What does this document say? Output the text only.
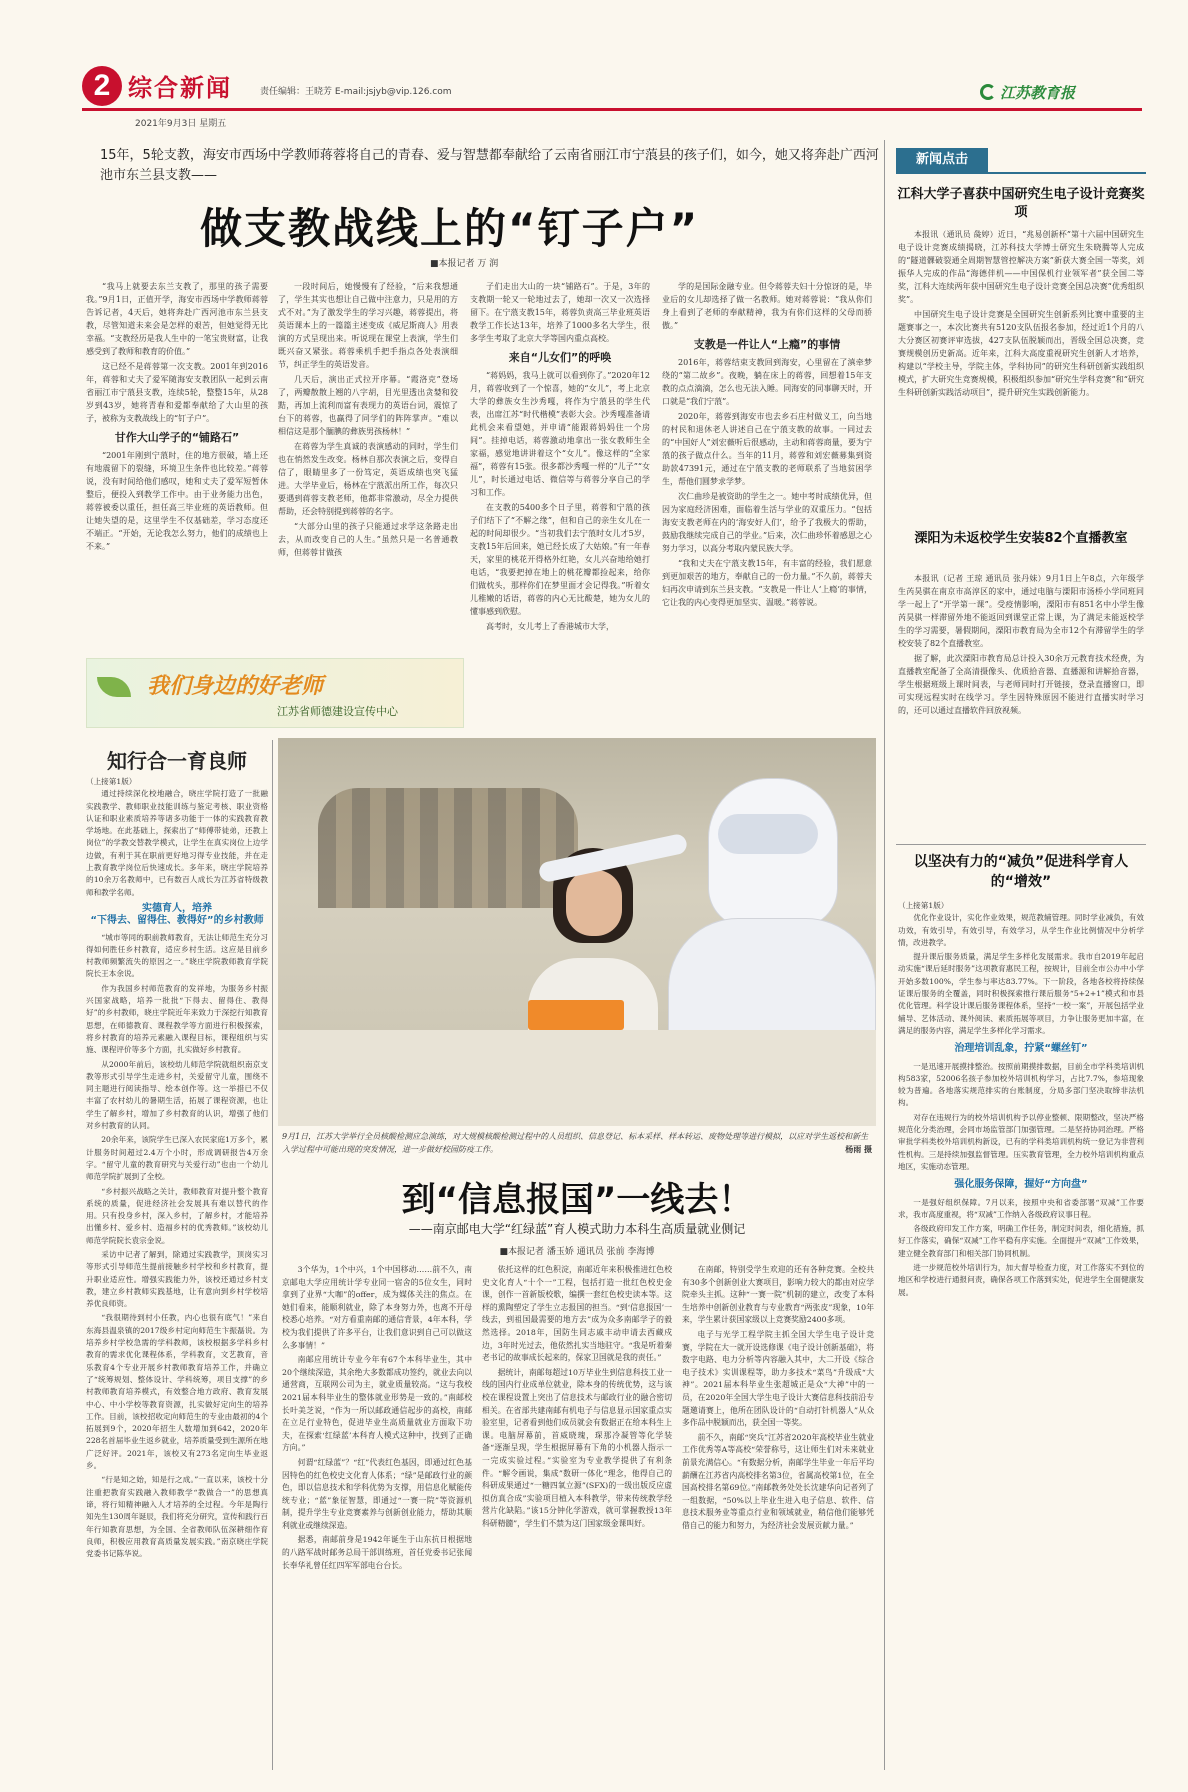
2 综合新闻	责任编辑：王晓芳 E-mail:jsjyb@vip.126.com
2021年9月3日 星期五
江苏教育报
15年，5轮支教，海安市西场中学教师蒋蓉将自己的青春、爱与智慧都奉献给了云南省丽江市宁蒗县的孩子们，如今，她又将奔赴广西河池市东兰县支教——
做支教战线上的“钉子户”
■本报记者 万 润

“我马上就要去东兰支教了，那里的孩子需要我。”9月1日，正值开学，海安市西场中学教师蒋蓉告诉记者，4天后，她将奔赴广西河池市东兰县支教，尽管知道未来会是怎样的艰苦，但她觉得无比幸福。“支教经历是我人生中的一笔宝贵财富，让我感受到了教师和教育的价值。”

这已经不是蒋蓉第一次支教。2001年到2016年，蒋蓉和丈夫了爱军随海安支教团队一起到云南省丽江市宁蒗县支教，连续5轮，整整15年，从28岁到43岁，她将青春和爱都奉献给了大山里的孩子，被称为支教战线上的“钉子户”。

甘作大山学子的“铺路石”

“2001年刚到宁蒗时，住的地方很破，墙上还有地震留下的裂缝，环境卫生条件也比较差。”蒋蓉说，没有时间给他们感叹，她和丈夫了爱军短暂休整后，便投入到教学工作中。由于业务能力出色，蒋蓉被委以重任，担任高三毕业班的英语教师。但让她失望的是，这里学生不仅基础差，学习态度还不端正。“开始，无论我怎么努力，他们的成绩也上不来。”

一段时间后，她慢慢有了经验，“后来我想通了，学生其实也想让自己做中注意力，只是用的方式不对。”为了激发学生的学习兴趣，蒋蓉提出，将英语课本上的一篇篇主述变成《威尼斯商人》用表演的方式呈现出来。听说现在课堂上表演，学生们既兴奋又紧张。蒋蓉乘机手把手指点各处表演细节，纠正学生的英语发音。

几天后，演出正式拉开序幕。“霞洛克”登场了，两瓣散散上翘的八字胡，目光里透出贪婪和狡黠，再加上流利而富有表现力的英语台词，震惊了台下的蒋蓉，也赢得了同学们的阵阵掌声。“难以相信这是那个腼腆的彝族男孩杨林！”

在蒋蓉为学生真诚的表演感动的同时，学生们也在悄然发生改变。杨林自那次表演之后，变得自信了，眼睛里多了一份笃定，英语成绩也突飞猛进。大学毕业后，杨林在宁蒗派出所工作，每次只要遇到蒋蓉支教老师，他都非常激动，尽全力提供帮助，还会特别提到蒋蓉的名字。

“大部分山里的孩子只能通过求学这条路走出去，从而改变自己的人生。”虽然只是一名普通教师，但蒋蓉甘做孩

子们走出大山的一块“铺路石”。于是，3年的支教期一轮又一轮地过去了，她却一次又一次选择留下。在宁蒗支教15年，蒋蓉负责高三毕业班英语教学工作长达13年，培养了1000多名大学生，很多学生考取了北京大学等国内重点高校。

来自“儿女们”的呼唤

“蒋妈妈，我马上就可以看到你了。”2020年12月，蒋蓉收到了一个惊喜，她的“女儿”，考上北京大学的彝族女生沙秀嘎，将作为宁蒗县的学生代表，出席江苏“时代楷模”表彰大会。沙秀嘎准备请此机会来看望她，并申请“能跟蒋妈妈住一个房间”。挂掉电话，蒋蓉激动地拿出一张女教师生全家福，感觉地讲讲着这个“女儿”。像这样的“全家福”，蒋蓉有15张。很多都沙秀嘎一样的“儿子”“女儿”，时长通过电话、微信等与蒋蓉分享自己的学习和工作。

在支教的5400多个日子里，蒋蓉和宁蒗的孩子们结下了“不解之缘”，但和自己的亲生女儿在一起的时间却很少。“当初我们去宁蒗时女儿才5岁，支教15年后回来，她已经长成了大姑娘。”有一年春天，家里的桃花开得格外红艳，女儿兴奋地给她打电话，“我要把掉在地上的桃花瓣都捡起来，给你们做枕头，那样你们在梦里面才会记得我。”听着女儿稚嫩的话语，蒋蓉的内心无比酸楚，她为女儿的懂事感到欣慰。

高考时，女儿考上了香港城市大学，

学的是国际金融专业。但令蒋蓉夫妇十分惊讶的是，毕业后的女儿却选择了做一名教师。她对蒋蓉说：“我从你们身上看到了老师的奉献精神，我为有你们这样的父母而骄傲。”

支教是一件让人“上瘾”的事情

2016年，蒋蓉结束支教回到海安，心里留在了滇牵梦绕的“第二故乡”。夜晚，躺在床上的蒋蓉，回想着15年支教的点点滴滴，怎么也无法入睡。同海安的同事聊天时，开口就是“我们宁蒗”。

2020年，蒋蓉到海安市也去乡石庄村做义工，向当地的村民和退休老人讲述自己在宁蒗支教的故事。一同过去的“中国好人”刘宏薇听后很感动，主动和蒋蓉商量，要为宁蒗的孩子做点什么。当年的11月，蒋蓉和刘宏薇募集到资助款47391元，通过在宁蒗支教的老师联系了当地贫困学生，帮他们圆梦求学梦。

次仁曲珍是被资助的学生之一。她中考时成绩优异，但因为家庭经济困难，面临着生活与学业的双重压力。“包括海安支教老师在内的‘海安好人们’，给予了我极大的帮助，鼓励我继续完成自己的学业。”后来，次仁曲珍怀着感恩之心努力学习，以高分考取内蒙民族大学。

“我和丈夫在宁蒗支教15年，有丰富的经验，我们愿意到更加艰苦的地方，奉献自己的一份力量。”不久前，蒋蓉夫妇再次申请到东兰县支教。“支教是一件让人‘上瘾’的事情，它让我的内心变得更加坚实、温暖。”蒋蓉说。

我们身边的好老师
江苏省师德建设宣传中心
知行合一育良师
（上接第1版）

通过持续深化校地融合，晓庄学院打造了一批融实践教学、教师职业技能训练与鉴定考核、职业资格认证和职业素质培养等诸多功能于一体的实践教育教学场地。在此基础上，探索出了“师傅带徒弟，还教上岗位”的学教交替教学模式，让学生在真实岗位上边学边做，有利于其在职前更好地习得专业技能，并在走上教育教学岗位后快速成长。多年来，晓庄学院培养的10余万名教师中，已有数百人成长为江苏省特级教师和教学名师。

实德育人，培养
“下得去、留得住、教得好”的乡村教师

“城市等同的职前教师教育，无法让师范生充分习得如何胜任乡村教育，适应乡村生活。这应是目前乡村教师频繁流失的原因之一。”晓庄学院教师教育学院院长王本余说。

作为我国乡村师范教育的发祥地，为服务乡村振兴国家战略，培养一批批“下得去、留得住、教得好”的乡村教师，晓庄学院近年来致力于深挖行知教育思想，在师德教育、课程教学等方面进行积极探索，将乡村教育的培养元素融入课程目标，课程组织与实施、课程评价等多个方面，扎实做好乡村教育。

从2000年前后，该校幼儿师范学院就组织南京支教等形式引导学生走进乡村，关爱留守儿童，围绕不同主题进行阅读指导、绘本创作等。这一举措已不仅丰富了农村幼儿的暑期生活，拓展了课程资源，也让学生了解乡村，增加了乡村教育的认识，增强了他们对乡村教育的认同。

20余年来，该院学生已深入农民家庭1万多个，累计服务时间超过2.4万个小时，形成调研报告4万余字。“留守儿童的教育研究与关爱行动”也由一个幼儿师范学院扩展到了全校。

“乡村振兴战略之关计，教师教育对提升整个教育系统的质量，促进经济社会发展具有难以替代的作用。只有投身乡村，深入乡村，了解乡村，才能培养出懂乡村、爱乡村、造福乡村的优秀教师。”该校幼儿师范学院院长袁宗金说。

采访中记者了解到，除通过实践教学，顶岗实习等形式引导师范生提前接触乡村学校和乡村教育，提升职业适应性。增强实践能力外，该校还通过乡村支教，建立乡村教师实践基地，让有意向到乡村学校培养优良师资。

“我很期待到村小任教，内心也很有底气！”来自东海县温泉镇的2017级乡村定向师范生卞振磊说。为培养乡村学校急需的学科教师，该校根据多学科乡村教育的需求优化课程体系，学科教育，文艺教育，音乐教育4个专业开展乡村教师教育培养工作，并确立了“统筹规划、整体设计、学科统筹，项目支撑”的乡村教师教育培养模式，有效整合地方政府、教育发展中心、中小学校等教育资源，扎实做好定向生的培养工作。目前，该校招收定向师范生的专业由最初的4个拓展到9个，2020年招生人数增加到642，2020年228名首届毕业生返乡就业，培养质量受到生源所在地广泛好评。2021年，该校又有273名定向生毕业返乡。

“行是知之始，知是行之成。”一直以来，该校十分注重把教育实践融入教师教学“教做合一”的思想真谛，将行知精神融入人才培养的全过程。今年是陶行知先生130周年诞辰，我们将充分研究，宣传和践行百年行知教育思想，为全国、全省教师队伍深耕细作育良师，积极应用教育高质量发展实践。”南京晓庄学院党委书记陈华说。

9月1日，江苏大学举行全员核酸检测应急演练，对大规模核酸检测过程中的人员组织、信息登记、标本采样、样本转运、废物处理等进行模拟，以应对学生返校和新生入学过程中可能出现的突发情况，进一步做好校园防疫工作。	杨雨 摄
到“信息报国”一线去！
——南京邮电大学“红绿蓝”育人模式助力本科生高质量就业侧记
■本报记者 潘玉娇 通讯员 张前 李海博

3个华为，1个中兴，1个中国移动……前不久，南京邮电大学应用统计学专业同一宿舍的5位女生，同时拿到了业界“大咖”的offer，成为媒体关注的焦点。在她们看来，能顺利就业，除了本身努力外，也离不开母校悉心培养。“对方看重南邮的通信背景，4年本科，学校为我们提供了许多平台，让我们意识到自己可以做这么多事情！”

南邮应用统计专业今年有67个本科毕业生，其中20个继续深造，其余绝大多数都成功签约，就业去向以通营商，互联网公司为主，就业质量较高。“这与我校2021届本科毕业生的整体就业形势是一致的。”南邮校长叶美芝说，“作为一所以邮政通信起步的高校，南邮在立足行业特色，促进毕业生高质量就业方面取下功夫，在探索‘红绿蓝’本科育人模式这种中，找到了正确方向。”

何谓“红绿蓝”？“红”代表红色基因，即通过红色基因特色的红色校史文化育人体系；“绿”是邮政行业的颜色，即以信息技术和学科优势为支撑，用信息化赋能传统专业；“蓝”象征智慧，即通过“一赛一院”等资源机制，提升学生专业竞赛素养与创新创业能力，帮助其顺利就业或继续深造。

据悉，南邮前身是1942年诞生于山东抗日根据地的八路军战时邮务总局干部训练班，首任党委书记张闻长奉华礼曾任红四军军部电台台长。

依托这样的红色积淀，南邮近年来积极推进红色校史文化育人“十个一”工程，包括打造一批红色校史金课，创作一首新版校歌，编撰一套红色校史读本等。这样的熏陶塑定了学生立志报国的担当。“到‘信息报国’一线去，到祖国最需要的地方去”成为众多南邮学子的毅然选择。2018年，国防生同志戚丰动申请去西藏戍边，3年时光过去，他依然扎实当地驻守。“我是听着秦老书记的故事成长起来的，保家卫国就是我的责任。”

据统计，南邮每超过10万毕业生到信息科技工业一线的国内行业成单位就业，除本身的传统优势，这与该校在课程设置上突出了信息技术与邮政行业的融合密切相关。在省部共建南邮有机电子与信息显示国家重点实验室里，记者看到他们成员就会有数据正在给本科生上课。电脑屏幕前，首威晓瑰，琛那冷凝管等化学装备“逐渐呈现，学生根据屏幕有下角的小机器人指示一一完成实验过程。”实验室为专业教学提供了有利条件。“解令画说，集成”数研一体化“理念，他得自己的科研成果通过“一糖四氧立源”(SFX)的一级出版反应虚拟仿真合成”实验项目植入本科教学，带来传统教学经营片化缺陷。”该15分钟化学游戏，就可掌握教授13年科研精髓”，学生们不禁为这门国家级金课叫好。

在南邮，特别受学生欢迎的还有各种竞赛。全校共有30多个创新创业大赛项目，影响力较大的都由对应学院牵头主抓。这种“一赛一院”机制的建立，改变了本科生培养中创新创业教育与专业教育“两张皮”现象，10年来，学生累计获国家级以上竞赛奖励2400多项。

电子与光学工程学院主抓全国大学生电子设计竞赛，学院在大一就开设选修课《电子设计创新基础》，将数字电路、电力分析等内容融入其中，大二开设《综合电子技术》实训课程等，助力多技术“菜鸟”升级成“大神”。2021届本科毕业生张超城正是众“大神”中的一员，在2020年全国大学生电子设计大赛信息科技前沿专题邀请赛上，他所在团队设计的“自动打针机器人”从众多作品中脱颖而出，获全国一等奖。

前不久，南邮“突兵”江苏省2020年高校毕业生就业工作优秀等A等高校“荣誉称号，这让师生们对未来就业前景充满信心。“有数据分析，南邮学生毕业一年后平均薪酬在江苏省内高校排名第3位，省属高校第1位，在全国高校排名第69位。”南邮教务处处长沈建华向记者列了一组数据，“50%以上毕业生进入电子信息、软件、信息技术服务业等重点行业和领域就业，稍信他们能够凭借自己的能力和努力，为经济社会发展贡献力量。”

新闻点击
江科大学子喜获中国研究生电子设计竞赛奖项

本报讯（通讯员 彘婷）近日，“兆易创新杯”第十六届中国研究生电子设计竞赛成绩揭晓，江苏科技大学博士研究生朱晓腾等人完成的“隧道髁破裂通全周期智慧管控解决方案”新获大赛全国一等奖，刘振华人完成的作品“海德伴机——中国保机行业领军者”获全国二等奖，江科大连续两年获中国研究生电子设计竞赛全国总决赛“优秀组织奖”。

中国研究生电子设计竞赛是全国研究生创新系列比赛中重要的主题赛事之一，本次比赛共有5120支队伍报名参加，经过近1个月的八大分赛区初赛评审选拔，427支队伍脱颖而出，晋级全国总决赛，竞赛规模创历史新高。近年来，江科大高度重视研究生创新人才培养，构建以“学校主导，学院主体，学科协同”的研究生科研创新实践组织模式，扩大研究生竞赛规模，积极组织参加“研究生学科竞赛”和“研究生科研创新实践活动项目”，提升研究生实践创新能力。

溧阳为未返校学生安装82个直播教室

本报讯（记者 王琼 通讯员 张丹妹）9月1日上午8点，六年级学生芮昊骐在南京市高淳区的家中，通过电脑与溧阳市汤桥小学同班同学一起上了“开学第一课”。受疫情影响，溧阳市有851名中小学生像芮昊骐一样滞留外地不能返回到课堂正常上课，为了满足未能返校学生的学习需要，暑假期间，溧阳市教育局为全市12个有滞留学生的学校安装了82个直播教室。

据了解，此次溧阳市教育局总计投入30余万元教育技术经费，为直播教室配备了全高清摄像头、优质拾音器、直播源和讲解拾音器，学生根据班级上课时间表，与老师同时打开链接，登录直播窗口，即可实现远程实时在线学习。学生因特殊原因不能进行直播实时学习的，还可以通过直播软件回放视频。

以坚决有力的“减负”促进科学育人的“增效”
（上接第1版）

优化作业设计，实化作业效果，规范教辅管理。同时学业减负，有效功效，有效引导，有效引导，有效学习，从学生作业比例情况中分析学情，改进教学。

提升课后服务质量，满足学生多样化发展需求。我市自2019年起启动实施“课后延时服务”这项教育惠民工程，按规计，目前全市公办中小学开始多数100%，学生参与率达83.77%。下一阶段，各地各校将持续保证课后服务的全覆盖，同时积极探索推行课后服务“5+2+1”模式和市县优化管理。科学设计课后服务课程体系，坚持“一校一案”，开展包括学业辅导、艺体活动、课外阅读、素质拓展等项目，力争让服务更加丰富，在满足的服务内容，满足学生多样化学习需求。

治理培训乱象，拧紧“螺丝钉”

一是迅速开展摸排整治。按照前期摸排数据，目前全市学科类培训机构583家，52006名孩子参加校外培训机构学习，占比7.7%，参培现象较为普遍。各地落实规范排实的台账制度，分局多部门坚决取缔非法机构。

对存在违规行为的校外培训机构予以停业整顿、限期整改，坚决严格规范化分类治理，会同市场监管部门加强管理。二是坚持协同治理。严格审批学科类校外培训机构新设，已有的学科类培训机构统一登记为非营利性机构。三是持续加强监督管理。压实教育管理，全力校外培训机构重点地区，实施动态管理。

强化服务保障，握好“方向盘”

一是强好组织保障。7月以来，按照中央和省委部署“双减”工作要求，我市高度重视，将“双减”工作纳入各级政府议事日程。

各级政府印发工作方案，明确工作任务，制定时间表，细化措施，抓好工作落实，确保“双减”工作平稳有序实施。全面提升“双减”工作效果，建立健全教育部门和相关部门协同机制。

进一步规范校外培训行为，加大督导检查力度，对工作落实不到位的地区和学校进行通报问责，确保各项工作落到实处，促进学生全面健康发展。
